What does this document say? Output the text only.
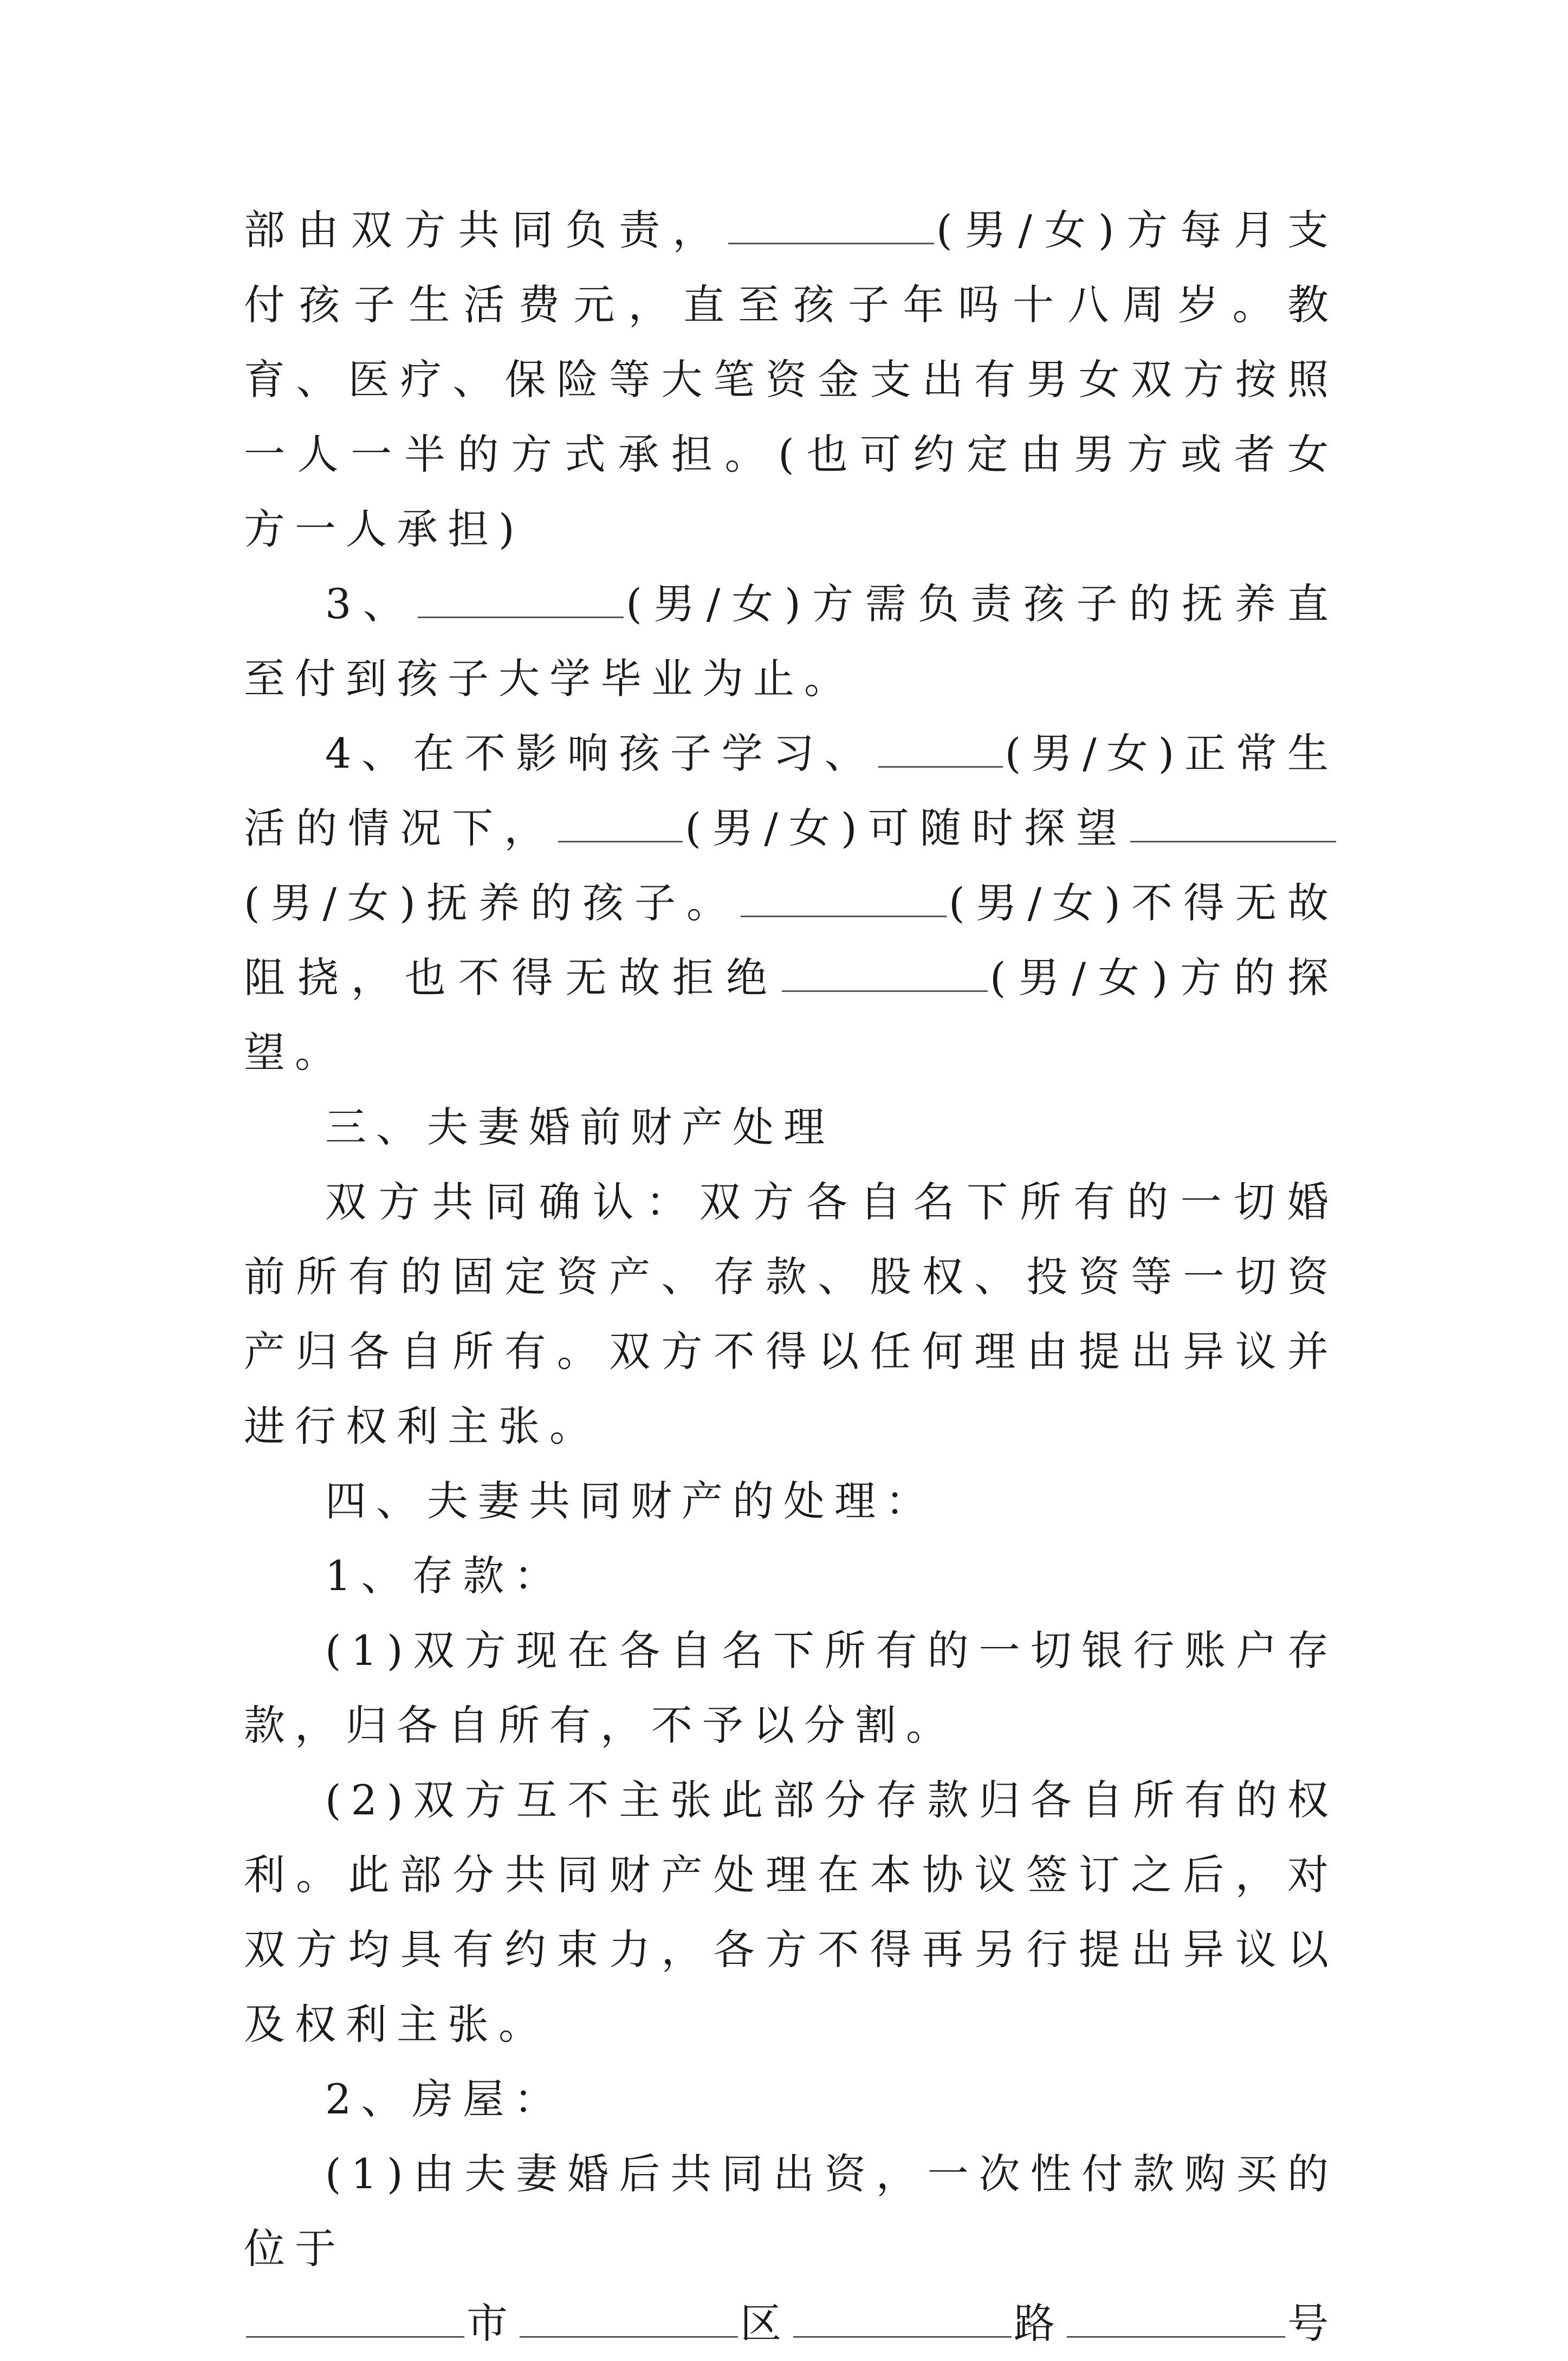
部由双方共同负责，	(男/女)方每月支付孩子生活费元，直至孩子年吗十八周岁。教育、医疗、保险等大笔资金支出有男女双方按照一人一半的方式承担。(也可约定由男方或者女方一人承担)

3、	(男/女)方需负责孩子的抚养直至付到孩子大学毕业为止。

4、在不影响孩子学习、	(男/女)正常生活的情况下，	(男/女)可随时探望(男/女)抚养的孩子。	(男/女)不得无故阻挠，也不得无故拒绝	(男/女)方的探望。

三、夫妻婚前财产处理

双方共同确认：双方各自名下所有的一切婚前所有的固定资产、存款、股权、投资等一切资产归各自所有。双方不得以任何理由提出异议并进行权利主张。

四、夫妻共同财产的处理：

1、存款：

(1)双方现在各自名下所有的一切银行账户存款，归各自所有，不予以分割。

(2)双方互不主张此部分存款归各自所有的权利。此部分共同财产处理在本协议签订之后，对双方均具有约束力，各方不得再另行提出异议以及权利主张。

2、房屋：

(1)由夫妻婚后共同出资，一次性付款购买的位于

市	区	路	号
